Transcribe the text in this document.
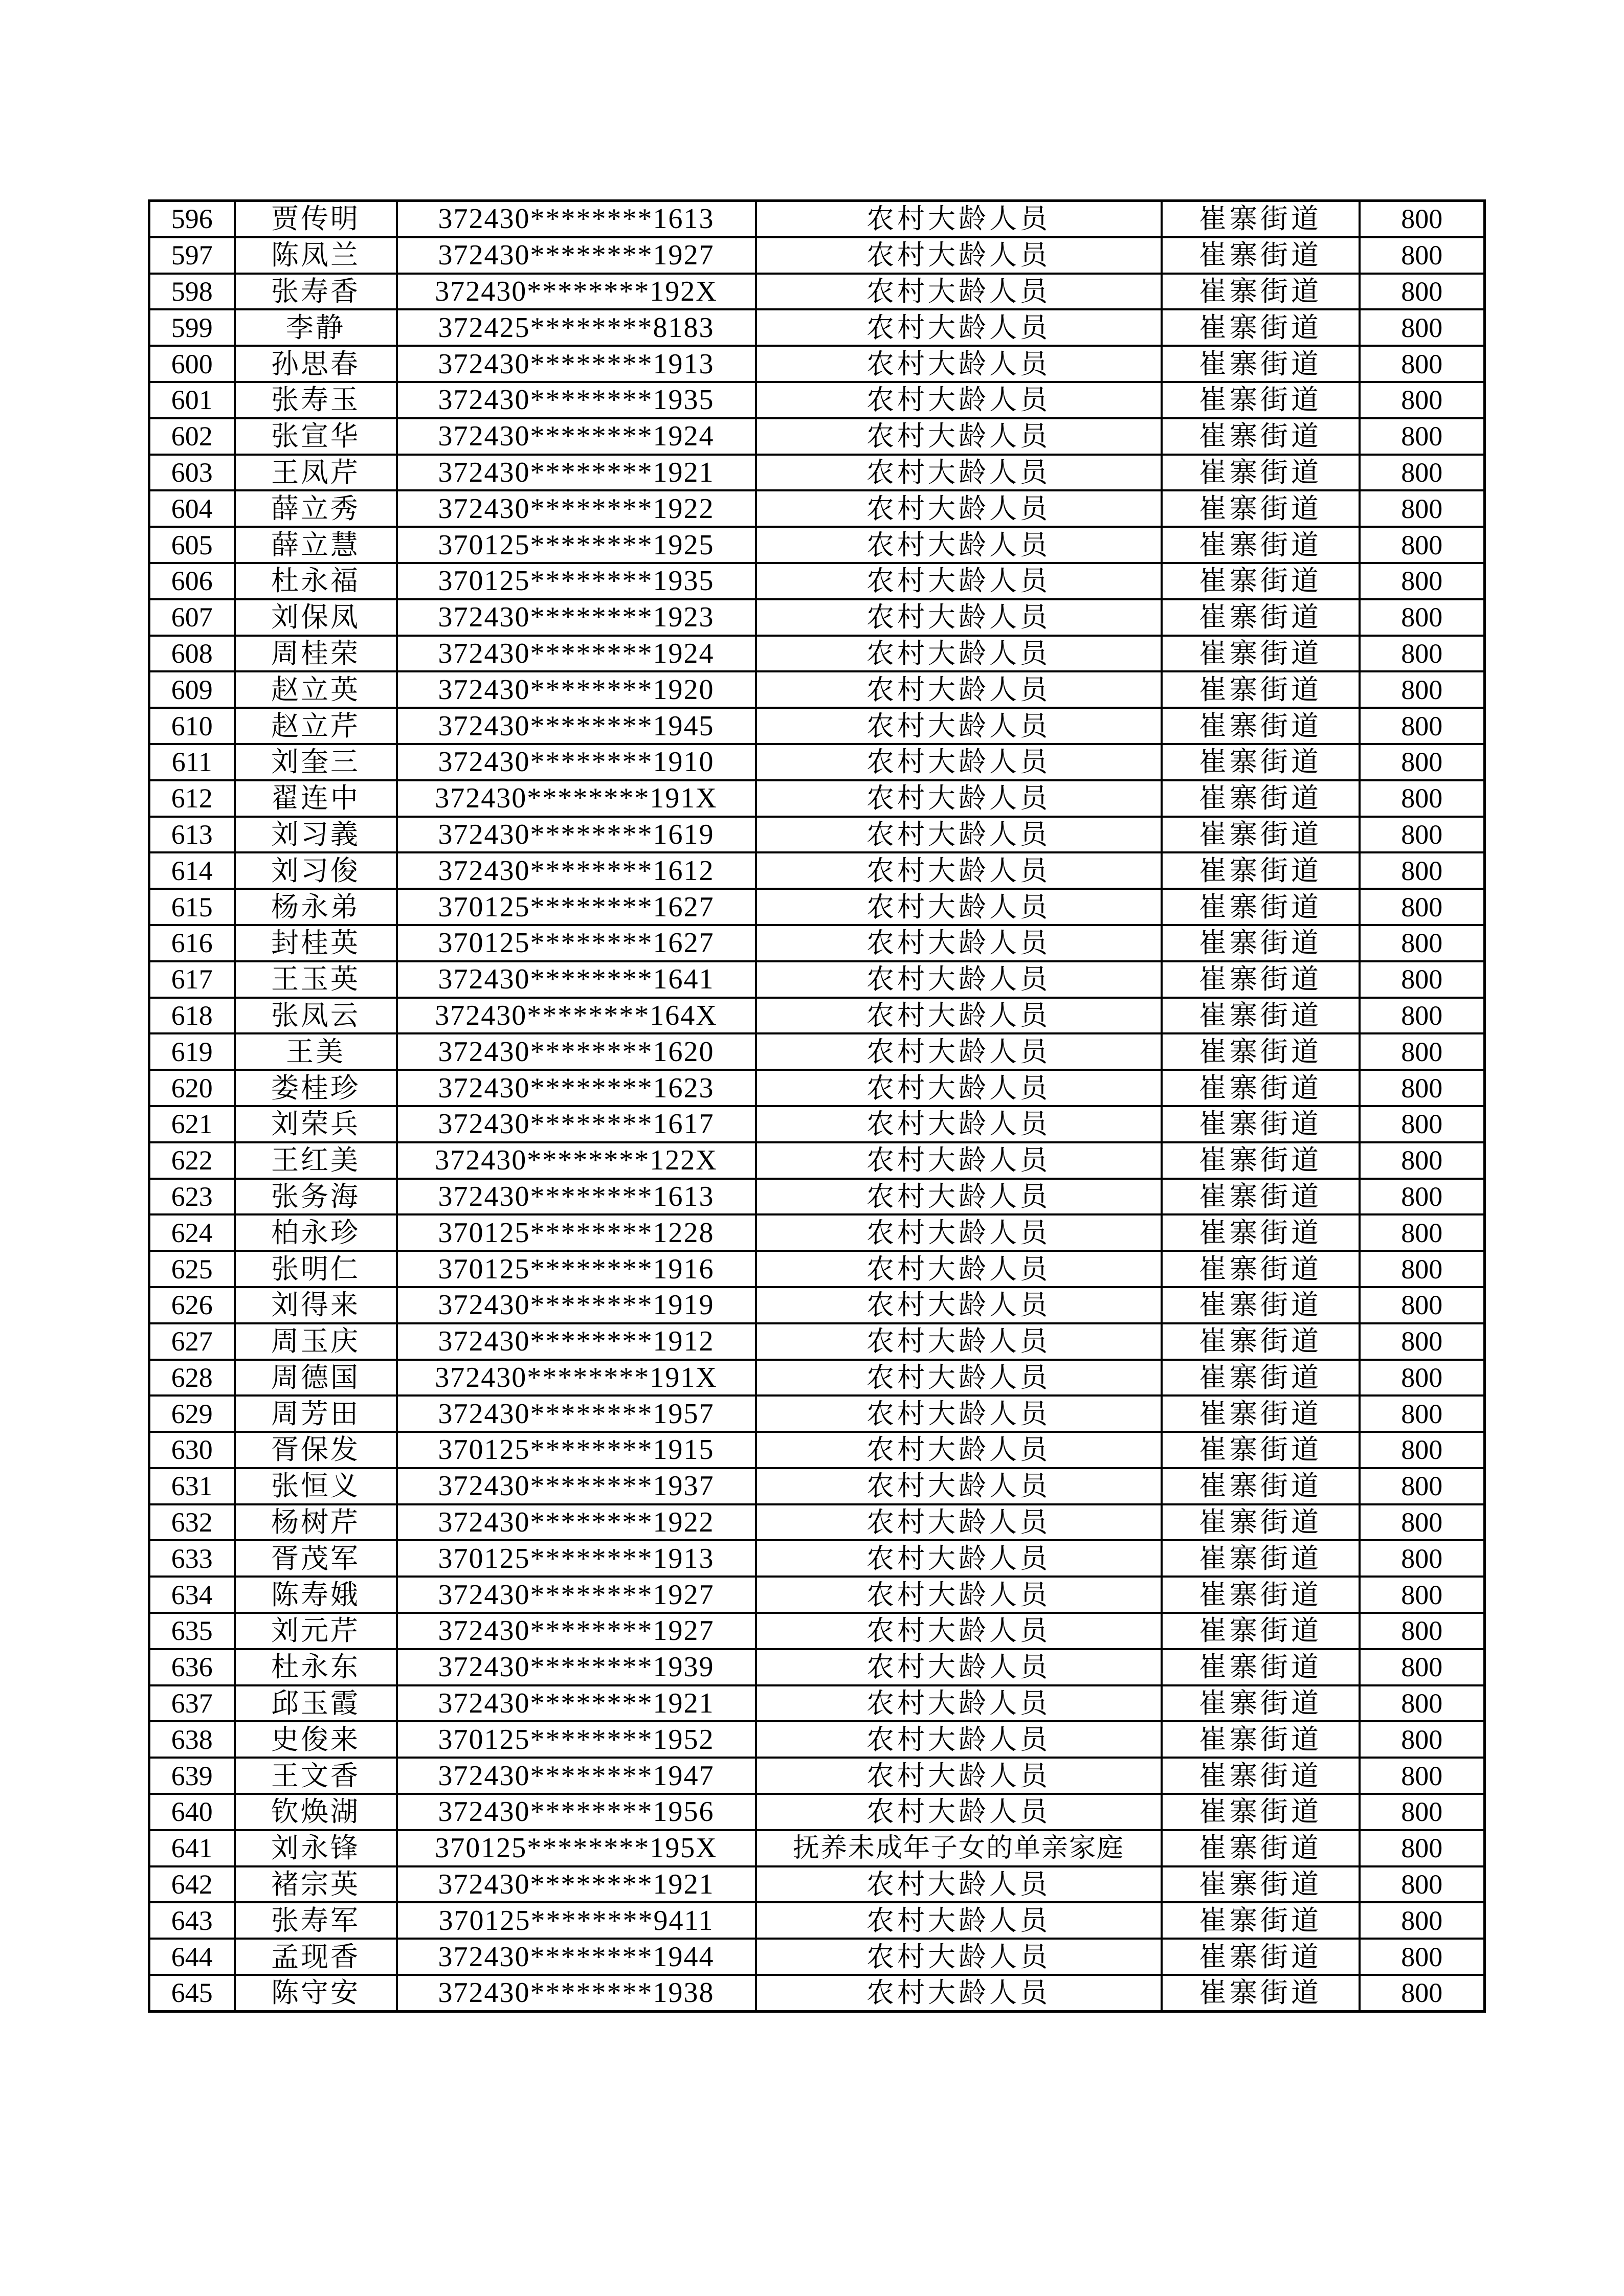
596	贾传明	372430********1613	农村大龄人员	崔寨街道	800
597	陈凤兰	372430********1927	农村大龄人员	崔寨街道	800
598	张寿香	372430********192X	农村大龄人员	崔寨街道	800
599	李静	372425********8183	农村大龄人员	崔寨街道	800
600	孙思春	372430********1913	农村大龄人员	崔寨街道	800
601	张寿玉	372430********1935	农村大龄人员	崔寨街道	800
602	张宣华	372430********1924	农村大龄人员	崔寨街道	800
603	王凤芹	372430********1921	农村大龄人员	崔寨街道	800
604	薛立秀	372430********1922	农村大龄人员	崔寨街道	800
605	薛立慧	370125********1925	农村大龄人员	崔寨街道	800
606	杜永福	370125********1935	农村大龄人员	崔寨街道	800
607	刘保凤	372430********1923	农村大龄人员	崔寨街道	800
608	周桂荣	372430********1924	农村大龄人员	崔寨街道	800
609	赵立英	372430********1920	农村大龄人员	崔寨街道	800
610	赵立芹	372430********1945	农村大龄人员	崔寨街道	800
611	刘奎三	372430********1910	农村大龄人员	崔寨街道	800
612	翟连中	372430********191X	农村大龄人员	崔寨街道	800
613	刘习義	372430********1619	农村大龄人员	崔寨街道	800
614	刘习俊	372430********1612	农村大龄人员	崔寨街道	800
615	杨永弟	370125********1627	农村大龄人员	崔寨街道	800
616	封桂英	370125********1627	农村大龄人员	崔寨街道	800
617	王玉英	372430********1641	农村大龄人员	崔寨街道	800
618	张凤云	372430********164X	农村大龄人员	崔寨街道	800
619	王美	372430********1620	农村大龄人员	崔寨街道	800
620	娄桂珍	372430********1623	农村大龄人员	崔寨街道	800
621	刘荣兵	372430********1617	农村大龄人员	崔寨街道	800
622	王红美	372430********122X	农村大龄人员	崔寨街道	800
623	张务海	372430********1613	农村大龄人员	崔寨街道	800
624	柏永珍	370125********1228	农村大龄人员	崔寨街道	800
625	张明仁	370125********1916	农村大龄人员	崔寨街道	800
626	刘得来	372430********1919	农村大龄人员	崔寨街道	800
627	周玉庆	372430********1912	农村大龄人员	崔寨街道	800
628	周德国	372430********191X	农村大龄人员	崔寨街道	800
629	周芳田	372430********1957	农村大龄人员	崔寨街道	800
630	胥保发	370125********1915	农村大龄人员	崔寨街道	800
631	张恒义	372430********1937	农村大龄人员	崔寨街道	800
632	杨树芹	372430********1922	农村大龄人员	崔寨街道	800
633	胥茂军	370125********1913	农村大龄人员	崔寨街道	800
634	陈寿娥	372430********1927	农村大龄人员	崔寨街道	800
635	刘元芹	372430********1927	农村大龄人员	崔寨街道	800
636	杜永东	372430********1939	农村大龄人员	崔寨街道	800
637	邱玉霞	372430********1921	农村大龄人员	崔寨街道	800
638	史俊来	370125********1952	农村大龄人员	崔寨街道	800
639	王文香	372430********1947	农村大龄人员	崔寨街道	800
640	钦焕湖	372430********1956	农村大龄人员	崔寨街道	800
641	刘永锋	370125********195X	抚养未成年子女的单亲家庭	崔寨街道	800
642	褚宗英	372430********1921	农村大龄人员	崔寨街道	800
643	张寿军	370125********9411	农村大龄人员	崔寨街道	800
644	孟现香	372430********1944	农村大龄人员	崔寨街道	800
645	陈守安	372430********1938	农村大龄人员	崔寨街道	800
